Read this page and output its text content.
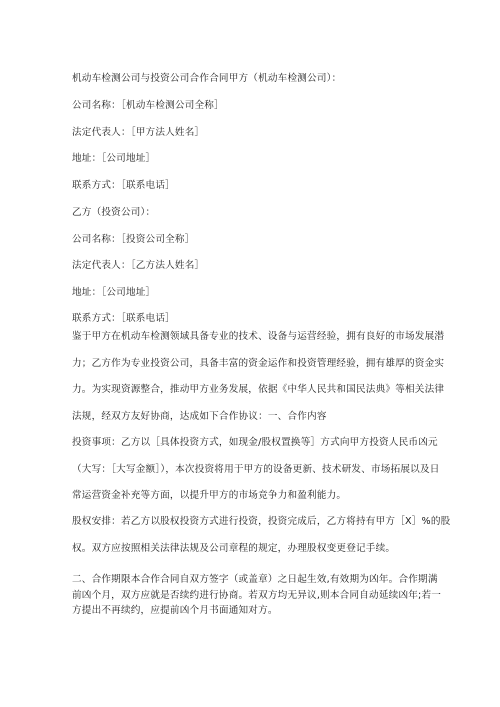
机动车检测公司与投资公司合作合同甲方（机动车检测公司）：
公司名称：［机动车检测公司全称］
法定代表人：［甲方法人姓名］
地址：［公司地址］
联系方式：［联系电话］
乙方（投资公司）：
公司名称：［投资公司全称］
法定代表人：［乙方法人姓名］
地址：［公司地址］
联系方式：［联系电话］
鉴于甲方在机动车检测领域具备专业的技术、设备与运营经验，拥有良好的市场发展潜
力；乙方作为专业投资公司，具备丰富的资金运作和投资管理经验，拥有雄厚的资金实
力。为实现资源整合，推动甲方业务发展，依据《中华人民共和国民法典》等相关法律
法规，经双方友好协商，达成如下合作协议：一、合作内容
投资事项：乙方以［具体投资方式，如现金/股权置换等］方式向甲方投资人民币凶元
（大写：［大写金额］），本次投资将用于甲方的设备更新、技术研发、市场拓展以及日
常运营资金补充等方面，以提升甲方的市场竞争力和盈利能力。
股权安排：若乙方以股权投资方式进行投资，投资完成后，乙方将持有甲方［X］%的股
权。双方应按照相关法律法规及公司章程的规定，办理股权变更登记手续。
二、合作期限本合作合同自双方签字（或盖章）之日起生效,有效期为凶年。合作期满
前凶个月，双方应就是否续约进行协商。若双方均无异议,则本合同自动延续凶年;若一
方提出不再续约，应提前凶个月书面通知对方。
